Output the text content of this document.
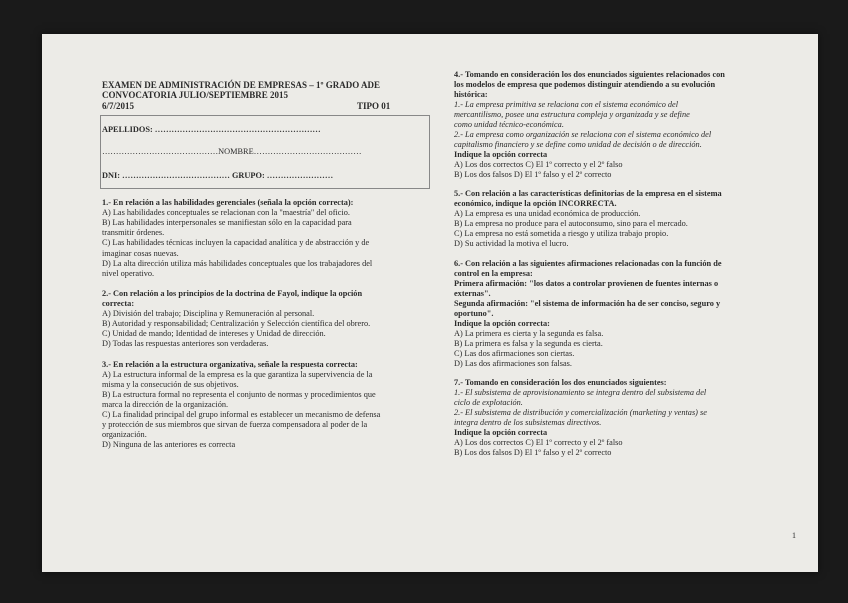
EXAMEN DE ADMINISTRACIÓN DE EMPRESAS – 1º GRADO ADE
CONVOCATORIA JULIO/SEPTIEMBRE 2015
6/7/2015	TIPO 01
APELLIDOS: ……………………………………………………
……………………………………NOMBRE…………………………………
DNI: ………………………………… GRUPO: ……………………
1.- En relación a las habilidades gerenciales (señala la opción correcta):
A) Las habilidades conceptuales se relacionan con la "maestría" del oficio.
B) Las habilidades interpersonales se manifiestan sólo en la capacidad para
transmitir órdenes.
C) Las habilidades técnicas incluyen la capacidad analítica y de abstracción y de
imaginar cosas nuevas.
D) La alta dirección utiliza más habilidades conceptuales que los trabajadores del
nivel operativo.
2.- Con relación a los principios de la doctrina de Fayol, indique la opción
correcta:
A) División del trabajo; Disciplina y Remuneración al personal.
B) Autoridad y responsabilidad; Centralización y Selección científica del obrero.
C) Unidad de mando; Identidad de intereses y Unidad de dirección.
D) Todas las respuestas anteriores son verdaderas.
3.- En relación a la estructura organizativa, señale la respuesta correcta:
A) La estructura informal de la empresa es la que garantiza la supervivencia de la
misma y la consecución de sus objetivos.
B) La estructura formal no representa el conjunto de normas y procedimientos que
marca la dirección de la organización.
C) La finalidad principal del grupo informal es establecer un mecanismo de defensa
y protección de sus miembros que sirvan de fuerza compensadora al poder de la
organización.
D) Ninguna de las anteriores es correcta
4.- Tomando en consideración los dos enunciados siguientes relacionados con
los modelos de empresa que podemos distinguir atendiendo a su evolución
histórica:
1.- La empresa primitiva se relaciona con el sistema económico del
mercantilismo, posee una estructura compleja y organizada y se define
como unidad técnico-económica.
2.- La empresa como organización se relaciona con el sistema económico del
capitalismo financiero y se define como unidad de decisión o de dirección.
Indique la opción correcta
A) Los dos correctos C) El 1º correcto y el 2º falso
B) Los dos falsos D) El 1º falso y el 2º correcto
5.- Con relación a las características definitorias de la empresa en el sistema
económico, indique la opción INCORRECTA.
A) La empresa es una unidad económica de producción.
B) La empresa no produce para el autoconsumo, sino para el mercado.
C) La empresa no está sometida a riesgo y utiliza trabajo propio.
D) Su actividad la motiva el lucro.
6.- Con relación a las siguientes afirmaciones relacionadas con la función de
control en la empresa:
Primera afirmación: "los datos a controlar provienen de fuentes internas o
externas".
Segunda afirmación: "el sistema de información ha de ser conciso, seguro y
oportuno".
Indique la opción correcta:
A) La primera es cierta y la segunda es falsa.
B) La primera es falsa y la segunda es cierta.
C) Las dos afirmaciones son ciertas.
D) Las dos afirmaciones son falsas.
7.- Tomando en consideración los dos enunciados siguientes:
1.- El subsistema de aprovisionamiento se integra dentro del subsistema del
ciclo de explotación.
2.- El subsistema de distribución y comercialización (marketing y ventas) se
integra dentro de los subsistemas directivos.
Indique la opción correcta
A) Los dos correctos C) El 1º correcto y el 2º falso
B) Los dos falsos D) El 1º falso y el 2º correcto
1
